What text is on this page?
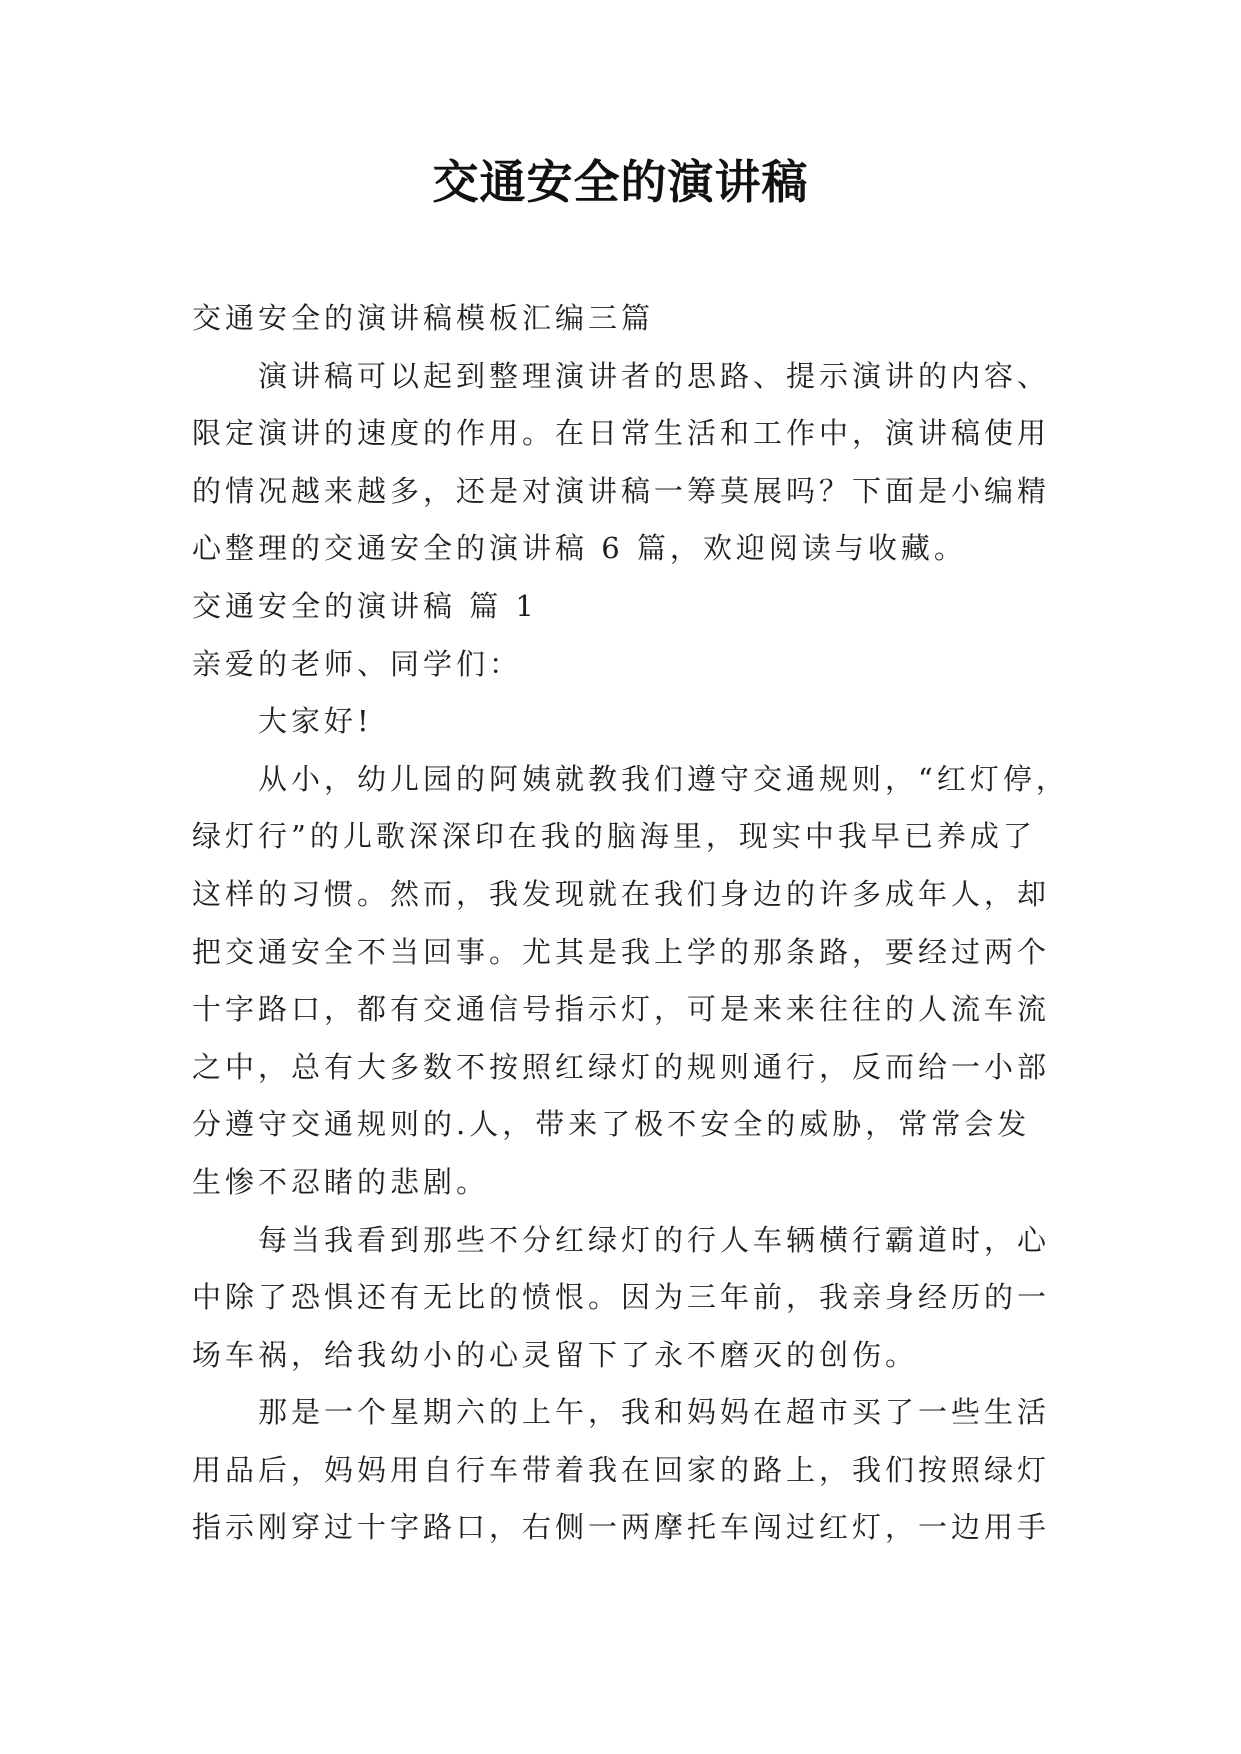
交通安全的演讲稿
交通安全的演讲稿模板汇编三篇
演讲稿可以起到整理演讲者的思路、提示演讲的内容、
限定演讲的速度的作用。在日常生活和工作中，演讲稿使用
的情况越来越多，还是对演讲稿一筹莫展吗？下面是小编精
心整理的交通安全的演讲稿 6 篇，欢迎阅读与收藏。
交通安全的演讲稿 篇 1
亲爱的老师、同学们：
大家好!
从小，幼儿园的阿姨就教我们遵守交通规则，“红灯停，
绿灯行”的儿歌深深印在我的脑海里，现实中我早已养成了
这样的习惯。然而，我发现就在我们身边的许多成年人，却
把交通安全不当回事。尤其是我上学的那条路，要经过两个
十字路口，都有交通信号指示灯，可是来来往往的人流车流
之中，总有大多数不按照红绿灯的规则通行，反而给一小部
分遵守交通规则的.人，带来了极不安全的威胁，常常会发
生惨不忍睹的悲剧。
每当我看到那些不分红绿灯的行人车辆横行霸道时，心
中除了恐惧还有无比的愤恨。因为三年前，我亲身经历的一
场车祸，给我幼小的心灵留下了永不磨灭的创伤。
那是一个星期六的上午，我和妈妈在超市买了一些生活
用品后，妈妈用自行车带着我在回家的路上，我们按照绿灯
指示刚穿过十字路口，右侧一两摩托车闯过红灯，一边用手
